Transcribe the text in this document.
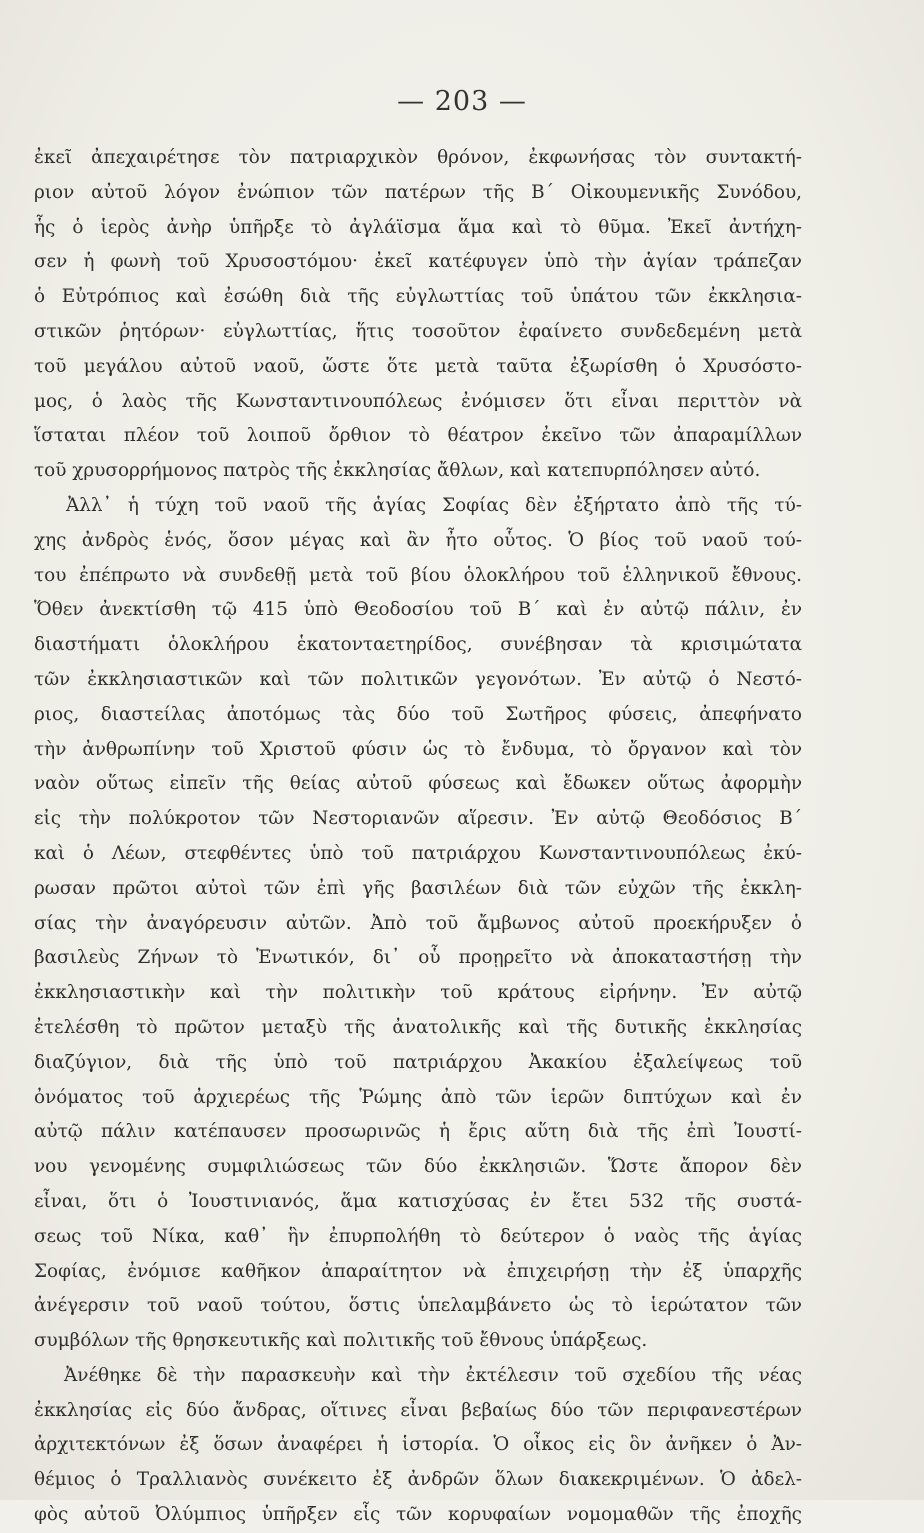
— 203 —
ἐκεῖ ἀπεχαιρέτησε τὸν πατριαρχικὸν θρόνον, ἐκφωνήσας τὸν συντακτή-
ριον αὐτοῦ λόγον ἐνώπιον τῶν πατέρων τῆς Β΄ Οἰκουμενικῆς Συνόδου,
ἧς ὁ ἱερὸς ἀνὴρ ὑπῆρξε τὸ ἀγλάϊσμα ἅμα καὶ τὸ θῦμα. Ἐκεῖ ἀντήχη-
σεν ἡ φωνὴ τοῦ Χρυσοστόμου· ἐκεῖ κατέφυγεν ὑπὸ τὴν ἁγίαν τράπεζαν
ὁ Εὐτρόπιος καὶ ἐσώθη διὰ τῆς εὐγλωττίας τοῦ ὑπάτου τῶν ἐκκλησια-
στικῶν ῥητόρων· εὐγλωττίας, ἥτις τοσοῦτον ἐφαίνετο συνδεδεμένη μετὰ
τοῦ μεγάλου αὐτοῦ ναοῦ, ὥστε ὅτε μετὰ ταῦτα ἐξωρίσθη ὁ Χρυσόστο-
μος, ὁ λαὸς τῆς Κωνσταντινουπόλεως ἐνόμισεν ὅτι εἶναι περιττὸν νὰ
ἵσταται πλέον τοῦ λοιποῦ ὄρθιον τὸ θέατρον ἐκεῖνο τῶν ἀπαραμίλλων
τοῦ χρυσορρήμονος πατρὸς τῆς ἐκκλησίας ἄθλων, καὶ κατεπυρπόλησεν αὐτό.
Ἀλλ᾽ ἡ τύχη τοῦ ναοῦ τῆς ἁγίας Σοφίας δὲν ἐξήρτατο ἀπὸ τῆς τύ-
χης ἀνδρὸς ἑνός, ὅσον μέγας καὶ ἂν ἦτο οὗτος. Ὁ βίος τοῦ ναοῦ τού-
του ἐπέπρωτο νὰ συνδεθῇ μετὰ τοῦ βίου ὁλοκλήρου τοῦ ἑλληνικοῦ ἔθνους.
Ὅθεν ἀνεκτίσθη τῷ 415 ὑπὸ Θεοδοσίου τοῦ Β΄ καὶ ἐν αὐτῷ πάλιν, ἐν
διαστήματι ὁλοκλήρου ἑκατονταετηρίδος, συνέβησαν τὰ κρισιμώτατα
τῶν ἐκκλησιαστικῶν καὶ τῶν πολιτικῶν γεγονότων. Ἐν αὐτῷ ὁ Νεστό-
ριος, διαστείλας ἀποτόμως τὰς δύο τοῦ Σωτῆρος φύσεις, ἀπεφήνατο
τὴν ἀνθρωπίνην τοῦ Χριστοῦ φύσιν ὡς τὸ ἔνδυμα, τὸ ὄργανον καὶ τὸν
ναὸν οὕτως εἰπεῖν τῆς θείας αὐτοῦ φύσεως καὶ ἔδωκεν οὕτως ἀφορμὴν
εἰς τὴν πολύκροτον τῶν Νεστοριανῶν αἵρεσιν. Ἐν αὐτῷ Θεοδόσιος Β΄
καὶ ὁ Λέων, στεφθέντες ὑπὸ τοῦ πατριάρχου Κωνσταντινουπόλεως ἐκύ-
ρωσαν πρῶτοι αὐτοὶ τῶν ἐπὶ γῆς βασιλέων διὰ τῶν εὐχῶν τῆς ἐκκλη-
σίας τὴν ἀναγόρευσιν αὐτῶν. Ἀπὸ τοῦ ἄμβωνος αὐτοῦ προεκήρυξεν ὁ
βασιλεὺς Ζήνων τὸ Ἑνωτικόν, δι᾽ οὗ προῃρεῖτο νὰ ἀποκαταστήσῃ τὴν
ἐκκλησιαστικὴν καὶ τὴν πολιτικὴν τοῦ κράτους εἰρήνην. Ἐν αὐτῷ
ἐτελέσθη τὸ πρῶτον μεταξὺ τῆς ἀνατολικῆς καὶ τῆς δυτικῆς ἐκκλησίας
διαζύγιον, διὰ τῆς ὑπὸ τοῦ πατριάρχου Ἀκακίου ἐξαλείψεως τοῦ
ὀνόματος τοῦ ἀρχιερέως τῆς Ῥώμης ἀπὸ τῶν ἱερῶν διπτύχων καὶ ἐν
αὐτῷ πάλιν κατέπαυσεν προσωρινῶς ἡ ἔρις αὕτη διὰ τῆς ἐπὶ Ἰουστί-
νου γενομένης συμφιλιώσεως τῶν δύο ἐκκλησιῶν. Ὥστε ἄπορον δὲν
εἶναι, ὅτι ὁ Ἰουστινιανός, ἅμα κατισχύσας ἐν ἔτει 532 τῆς συστά-
σεως τοῦ Νίκα, καθ᾽ ἣν ἐπυρπολήθη τὸ δεύτερον ὁ ναὸς τῆς ἁγίας
Σοφίας, ἐνόμισε καθῆκον ἀπαραίτητον νὰ ἐπιχειρήσῃ τὴν ἐξ ὑπαρχῆς
ἀνέγερσιν τοῦ ναοῦ τούτου, ὅστις ὑπελαμβάνετο ὡς τὸ ἱερώτατον τῶν
συμβόλων τῆς θρησκευτικῆς καὶ πολιτικῆς τοῦ ἔθνους ὑπάρξεως.
Ἀνέθηκε δὲ τὴν παρασκευὴν καὶ τὴν ἐκτέλεσιν τοῦ σχεδίου τῆς νέας
ἐκκλησίας εἰς δύο ἄνδρας, οἵτινες εἶναι βεβαίως δύο τῶν περιφανεστέρων
ἀρχιτεκτόνων ἐξ ὅσων ἀναφέρει ἡ ἱστορία. Ὁ οἶκος εἰς ὃν ἀνῆκεν ὁ Ἀν-
θέμιος ὁ Τραλλιανὸς συνέκειτο ἐξ ἀνδρῶν ὅλων διακεκριμένων. Ὁ ἀδελ-
φὸς αὐτοῦ Ὀλύμπιος ὑπῆρξεν εἷς τῶν κορυφαίων νομομαθῶν τῆς ἐποχῆς
